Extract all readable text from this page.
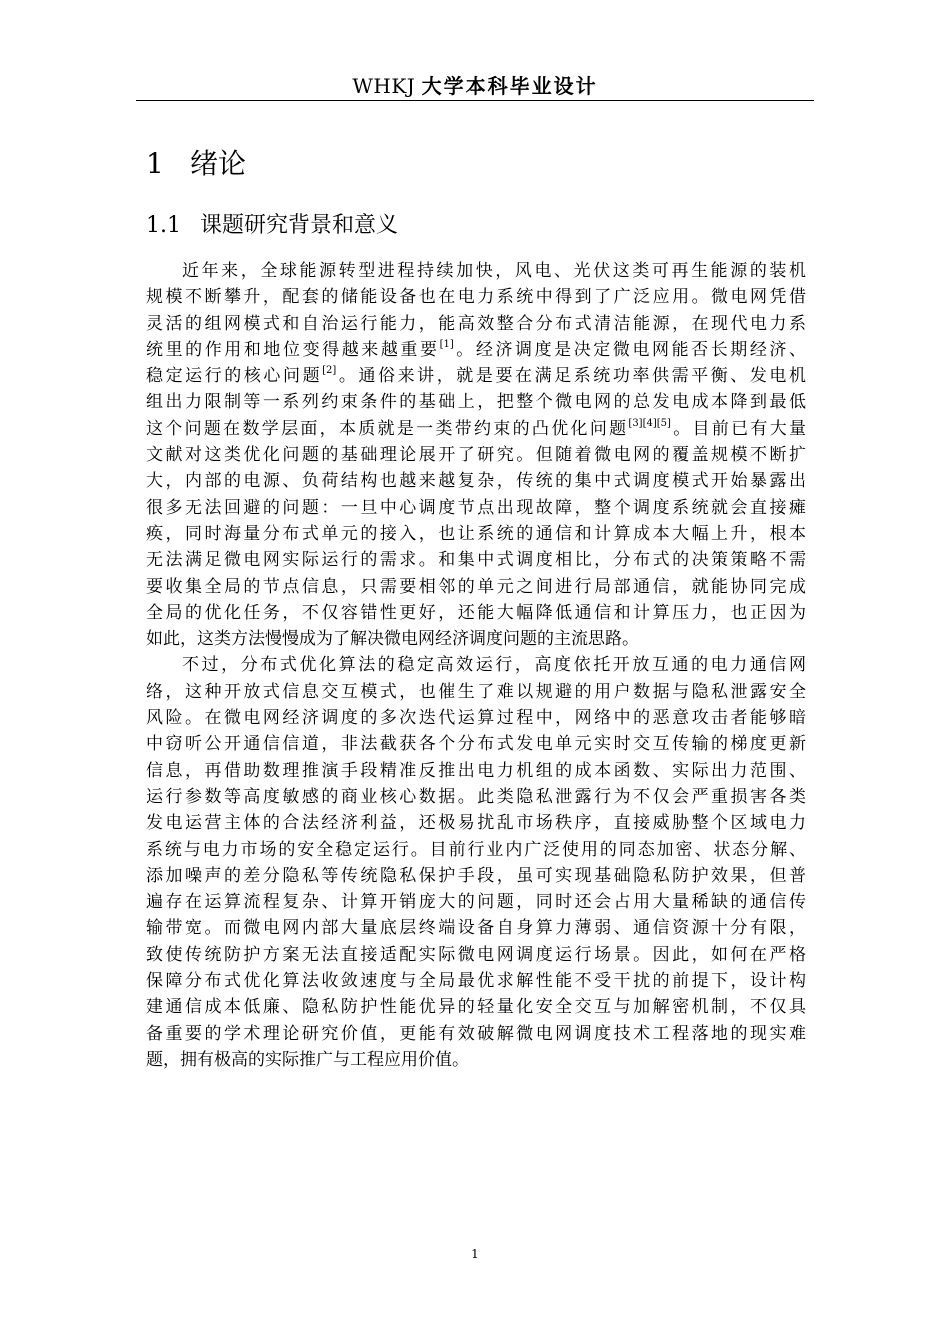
WHKJ 大学本科毕业设计
1 绪论
1.1 课题研究背景和意义
近年来，全球能源转型进程持续加快，风电、光伏这类可再生能源的装机
规模不断攀升，配套的储能设备也在电力系统中得到了广泛应用。微电网凭借
灵活的组网模式和自治运行能力，能高效整合分布式清洁能源，在现代电力系
统里的作用和地位变得越来越重要[1]。经济调度是决定微电网能否长期经济、
稳定运行的核心问题[2]。通俗来讲，就是要在满足系统功率供需平衡、发电机
组出力限制等一系列约束条件的基础上，把整个微电网的总发电成本降到最低
这个问题在数学层面，本质就是一类带约束的凸优化问题[3][4][5]。目前已有大量
文献对这类优化问题的基础理论展开了研究。但随着微电网的覆盖规模不断扩
大，内部的电源、负荷结构也越来越复杂，传统的集中式调度模式开始暴露出
很多无法回避的问题：一旦中心调度节点出现故障，整个调度系统就会直接瘫
痪，同时海量分布式单元的接入，也让系统的通信和计算成本大幅上升，根本
无法满足微电网实际运行的需求。和集中式调度相比，分布式的决策策略不需
要收集全局的节点信息，只需要相邻的单元之间进行局部通信，就能协同完成
全局的优化任务，不仅容错性更好，还能大幅降低通信和计算压力，也正因为
如此，这类方法慢慢成为了解决微电网经济调度问题的主流思路。
不过，分布式优化算法的稳定高效运行，高度依托开放互通的电力通信网
络，这种开放式信息交互模式，也催生了难以规避的用户数据与隐私泄露安全
风险。在微电网经济调度的多次迭代运算过程中，网络中的恶意攻击者能够暗
中窃听公开通信信道，非法截获各个分布式发电单元实时交互传输的梯度更新
信息，再借助数理推演手段精准反推出电力机组的成本函数、实际出力范围、
运行参数等高度敏感的商业核心数据。此类隐私泄露行为不仅会严重损害各类
发电运营主体的合法经济利益，还极易扰乱市场秩序，直接威胁整个区域电力
系统与电力市场的安全稳定运行。目前行业内广泛使用的同态加密、状态分解、
添加噪声的差分隐私等传统隐私保护手段，虽可实现基础隐私防护效果，但普
遍存在运算流程复杂、计算开销庞大的问题，同时还会占用大量稀缺的通信传
输带宽。而微电网内部大量底层终端设备自身算力薄弱、通信资源十分有限，
致使传统防护方案无法直接适配实际微电网调度运行场景。因此，如何在严格
保障分布式优化算法收敛速度与全局最优求解性能不受干扰的前提下，设计构
建通信成本低廉、隐私防护性能优异的轻量化安全交互与加解密机制，不仅具
备重要的学术理论研究价值，更能有效破解微电网调度技术工程落地的现实难
题，拥有极高的实际推广与工程应用价值。
1
